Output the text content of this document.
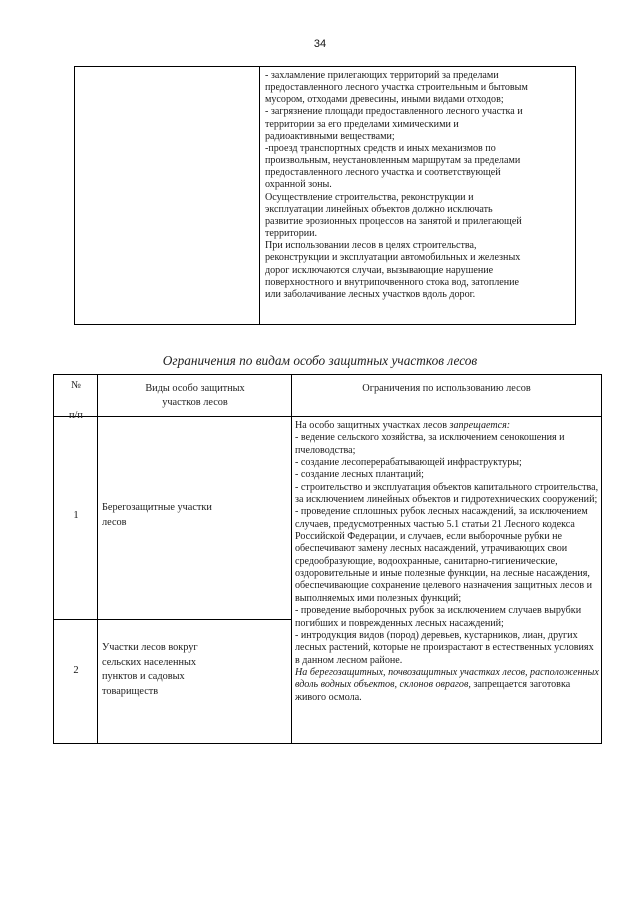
34
- захламление прилегающих территорий за пределами
предоставленного лесного участка строительным и бытовым
мусором, отходами древесины, иными видами отходов;
- загрязнение площади предоставленного лесного участка и
территории за его пределами химическими и
радиоактивными веществами;
-проезд транспортных средств и иных механизмов по
произвольным, неустановленным маршрутам за пределами
предоставленного лесного участка и соответствующей
охранной зоны.
Осуществление строительства, реконструкции и
эксплуатации линейных объектов должно исключать
развитие эрозионных процессов на занятой и прилегающей
территории.
При использовании лесов в целях строительства,
реконструкции и эксплуатации автомобильных и железных
дорог исключаются случаи, вызывающие нарушение
поверхностного и внутрипочвенного стока вод, затопление
или заболачивание лесных участков вдоль дорог.
Ограничения по видам особо защитных участков лесов
№
п/п
Виды особо защитных
участков лесов
Ограничения по использованию лесов
1
Берегозащитные участки
лесов
2
Участки лесов вокруг
сельских населенных
пунктов и садовых
товариществ
На особо защитных участках лесов запрещается:
- ведение сельского хозяйства, за исключением сенокошения и
пчеловодства;
- создание лесоперерабатывающей инфраструктуры;
- создание лесных плантаций;
- строительство и эксплуатация объектов капитального строительства,
за исключением линейных объектов и гидротехнических сооружений;
- проведение сплошных рубок лесных насаждений, за исключением
случаев, предусмотренных частью 5.1 статьи 21 Лесного кодекса
Российской Федерации, и случаев, если выборочные рубки не
обеспечивают замену лесных насаждений, утрачивающих свои
средообразующие, водоохранные, санитарно-гигиенические,
оздоровительные и иные полезные функции, на лесные насаждения,
обеспечивающие сохранение целевого назначения защитных лесов и
выполняемых ими полезных функций;
- проведение выборочных рубок за исключением случаев вырубки
погибших и поврежденных лесных насаждений;
- интродукция видов (пород) деревьев, кустарников, лиан, других
лесных растений, которые не произрастают в естественных условиях
в данном лесном районе.
На берегозащитных, почвозащитных участках лесов, расположенных
вдоль водных объектов, склонов оврагов, запрещается заготовка
живого осмола.
